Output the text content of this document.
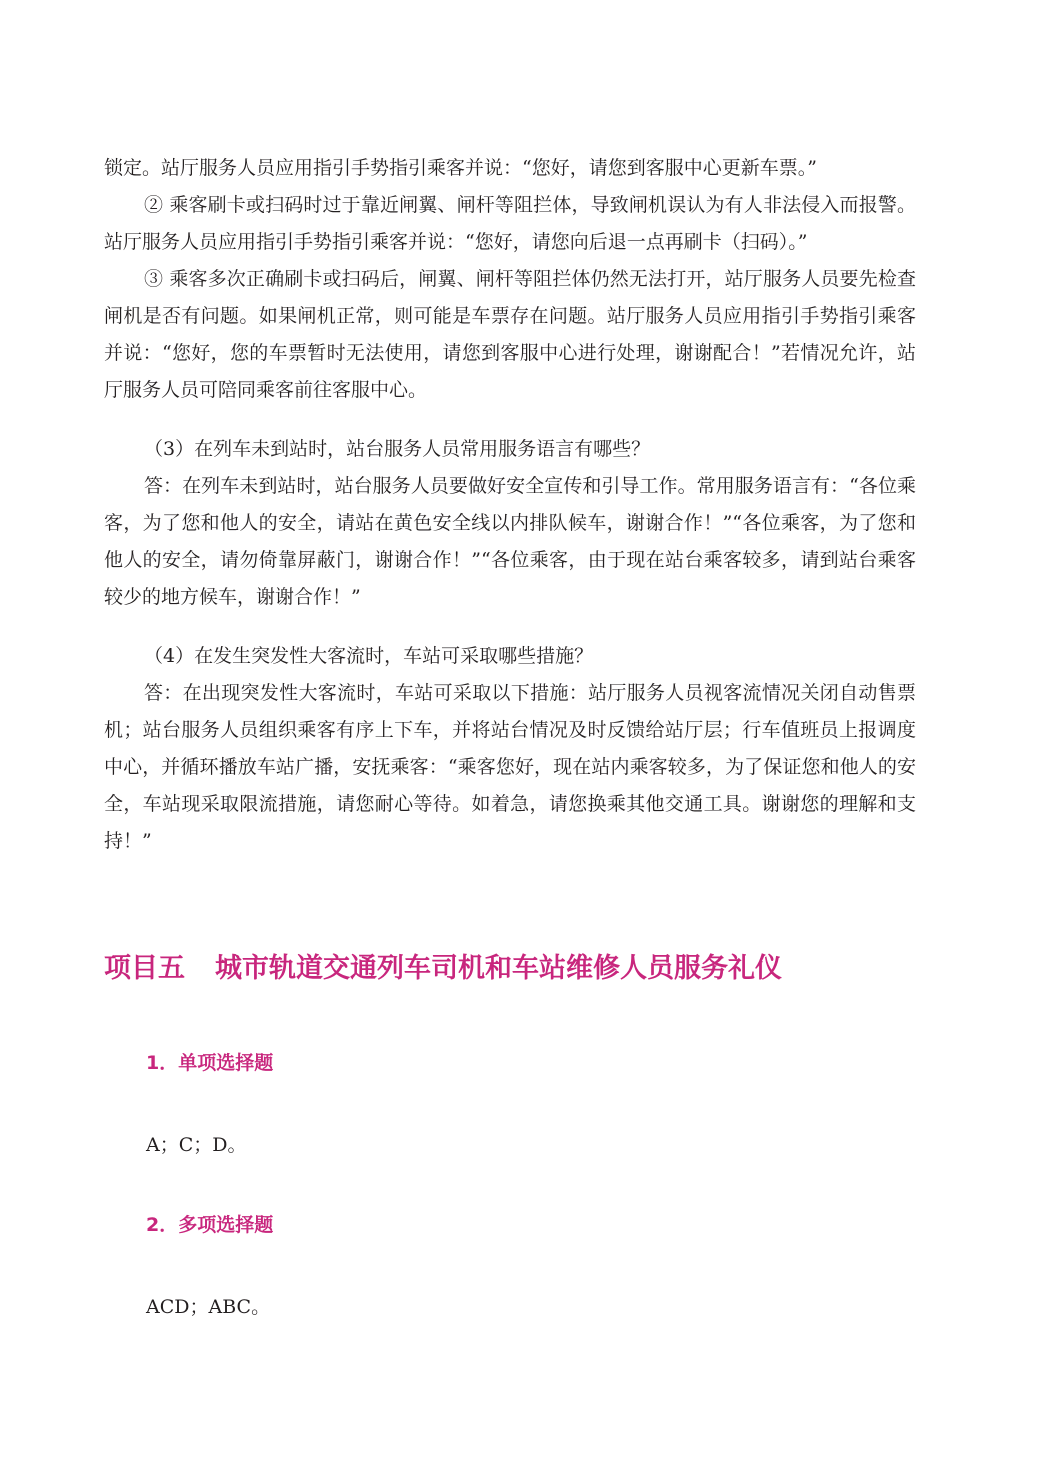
锁定。站厅服务人员应用指引手势指引乘客并说：“您好，请您到客服中心更新车票。”

② 乘客刷卡或扫码时过于靠近闸翼、闸杆等阻拦体，导致闸机误认为有人非法侵入而报警。站厅服务人员应用指引手势指引乘客并说：“您好，请您向后退一点再刷卡（扫码）。”

③ 乘客多次正确刷卡或扫码后，闸翼、闸杆等阻拦体仍然无法打开，站厅服务人员要先检查闸机是否有问题。如果闸机正常，则可能是车票存在问题。站厅服务人员应用指引手势指引乘客并说：“您好，您的车票暂时无法使用，请您到客服中心进行处理，谢谢配合！”若情况允许，站厅服务人员可陪同乘客前往客服中心。

（3）在列车未到站时，站台服务人员常用服务语言有哪些？

答：在列车未到站时，站台服务人员要做好安全宣传和引导工作。常用服务语言有：“各位乘客，为了您和他人的安全，请站在黄色安全线以内排队候车，谢谢合作！”“各位乘客，为了您和他人的安全，请勿倚靠屏蔽门，谢谢合作！”“各位乘客，由于现在站台乘客较多，请到站台乘客较少的地方候车，谢谢合作！”

（4）在发生突发性大客流时，车站可采取哪些措施？

答：在出现突发性大客流时，车站可采取以下措施：站厅服务人员视客流情况关闭自动售票机；站台服务人员组织乘客有序上下车，并将站台情况及时反馈给站厅层；行车值班员上报调度中心，并循环播放车站广播，安抚乘客：“乘客您好，现在站内乘客较多，为了保证您和他人的安全，车站现采取限流措施，请您耐心等待。如着急，请您换乘其他交通工具。谢谢您的理解和支持！”

项目五 城市轨道交通列车司机和车站维修人员服务礼仪
1．单项选择题

A；C；D。

2．多项选择题

ACD；ABC。
